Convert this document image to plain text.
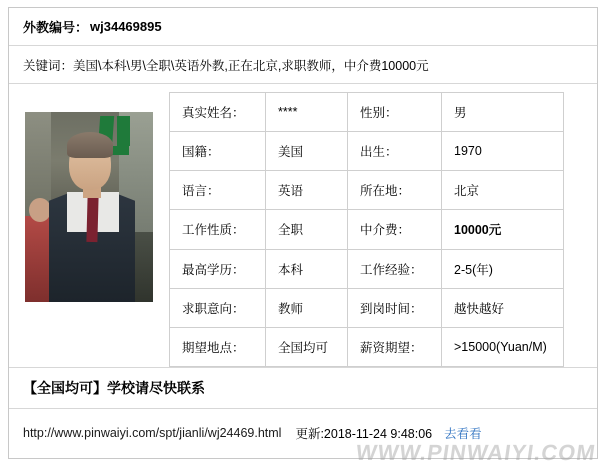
外教编号： wj34469895
关键词： 美国\本科\男\全职\英语外教,正在北京,求职教师，中介费10000元
真实姓名：	****	性别：	男
国籍：	美国	出生：	1970
语言：	英语	所在地：	北京
工作性质：	全职	中介费：	10000元
最高学历：	本科	工作经验：	2-5(年)
求职意向：	教师	到岗时间：	越快越好
期望地点：	全国均可	薪资期望：	>15000(Yuan/M)
【全国均可】学校请尽快联系
http://www.pinwaiyi.com/spt/jianli/wj24469.html 更新:2018-11-24 9:48:06 去看看
WWW.PINWAIYI.COM
